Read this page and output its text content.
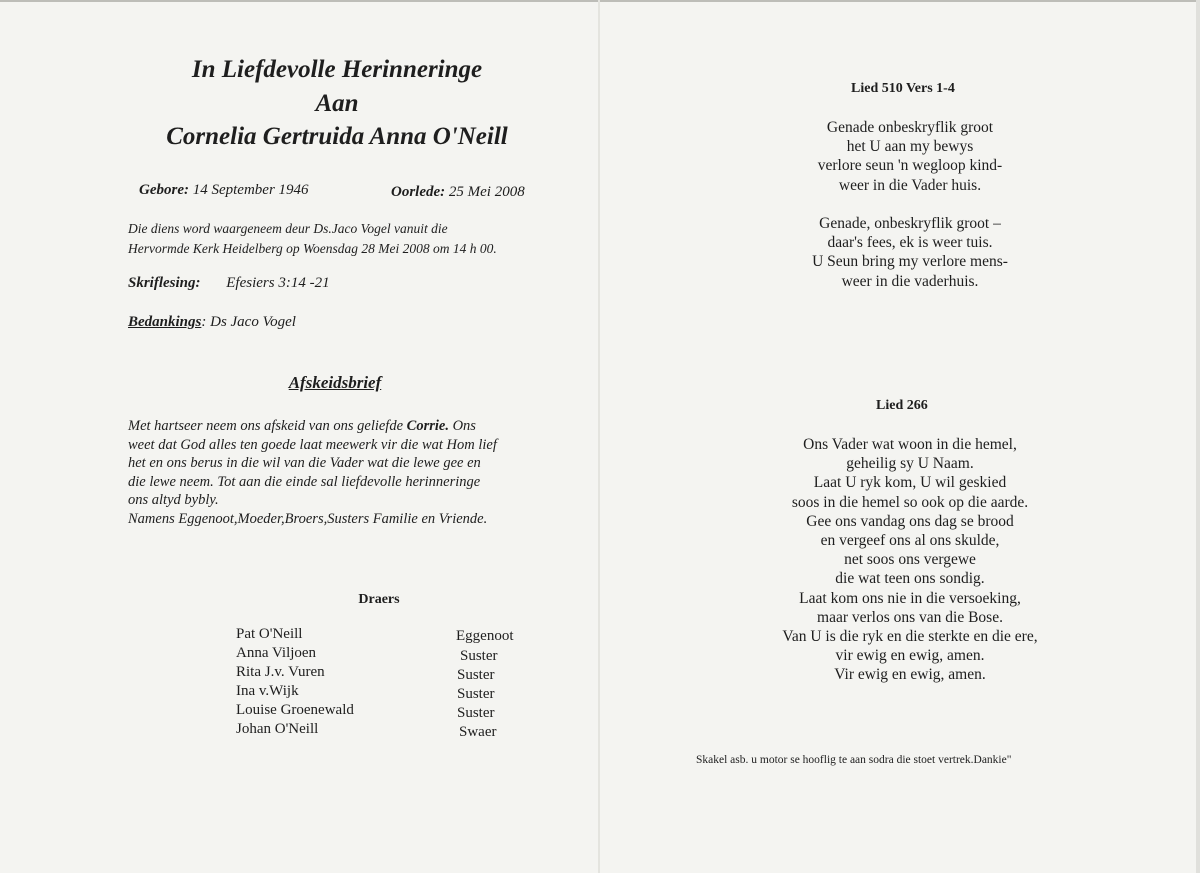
In Liefdevolle Herinneringe
Aan
Cornelia Gertruida Anna O'Neill
Gebore: 14 September 1946	Oorlede: 25 Mei 2008
Die diens word waargeneem deur Ds.Jaco Vogel vanuit die
Hervormde Kerk Heidelberg op Woensdag 28 Mei 2008 om 14 h 00.
Skriflesing: Efesiers 3:14 -21
Bedankings: Ds Jaco Vogel
Afskeidsbrief

Met hartseer neem ons afskeid van ons geliefde Corrie. Ons

weet dat God alles ten goede laat meewerk vir die wat Hom lief

het en ons berus in die wil van die Vader wat die lewe gee en

die lewe neem. Tot aan die einde sal liefdevolle herinneringe

ons altyd bybly.

Namens Eggenoot,Moeder,Broers,Susters Familie en Vriende.

Draers
Pat O'Neill	Eggenoot
Anna Viljoen	Suster
Rita J.v. Vuren	Suster
Ina v.Wijk	Suster
Louise Groenewald	Suster
Johan O'Neill	Swaer
Lied 510 Vers 1-4

Genade onbeskryflik groot

het U aan my bewys

verlore seun 'n wegloop kind-

weer in die Vader huis.

Genade, onbeskryflik groot –

daar's fees, ek is weer tuis.

U Seun bring my verlore mens-

weer in die vaderhuis.

Lied 266

Ons Vader wat woon in die hemel,

geheilig sy U Naam.

Laat U ryk kom, U wil geskied

soos in die hemel so ook op die aarde.

Gee ons vandag ons dag se brood

en vergeef ons al ons skulde,

net soos ons vergewe

die wat teen ons sondig.

Laat kom ons nie in die versoeking,

maar verlos ons van die Bose.

Van U is die ryk en die sterkte en die ere,

vir ewig en ewig, amen.

Vir ewig en ewig, amen.

Skakel asb. u motor se hooflig te aan sodra die stoet vertrek.Dankie"
